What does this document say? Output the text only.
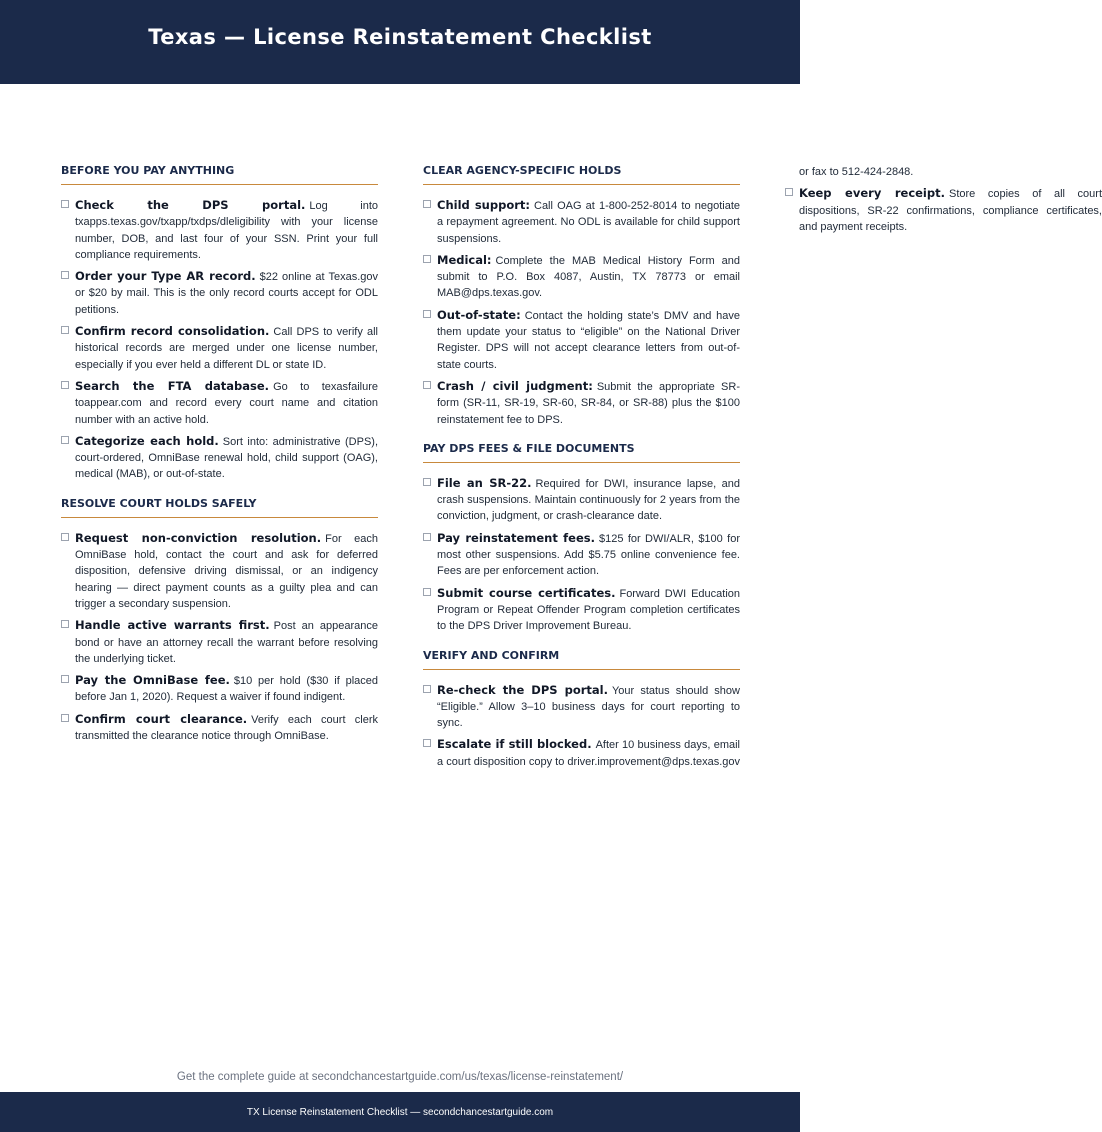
Texas — License Reinstatement Checklist
BEFORE YOU PAY ANYTHING
Check the DPS portal. Log into txapps.texas.gov/txapp/txdps/dleligibility with your license number, DOB, and last four of your SSN. Print your full compliance requirements.
Order your Type AR record. $22 online at Texas.gov or $20 by mail. This is the only record courts accept for ODL petitions.
Confirm record consolidation. Call DPS to verify all historical records are merged under one license number, especially if you ever held a different DL or state ID.
Search the FTA database. Go to texasfailure toappear.com and record every court name and citation number with an active hold.
Categorize each hold. Sort into: administrative (DPS), court-ordered, OmniBase renewal hold, child support (OAG), medical (MAB), or out-of-state.
RESOLVE COURT HOLDS SAFELY
Request non-conviction resolution. For each OmniBase hold, contact the court and ask for deferred disposition, defensive driving dismissal, or an indigency hearing — direct payment counts as a guilty plea and can trigger a secondary suspension.
Handle active warrants first. Post an appearance bond or have an attorney recall the warrant before resolving the underlying ticket.
Pay the OmniBase fee. $10 per hold ($30 if placed before Jan 1, 2020). Request a waiver if found indigent.
Confirm court clearance. Verify each court clerk transmitted the clearance notice through OmniBase.
CLEAR AGENCY-SPECIFIC HOLDS
Child support: Call OAG at 1-800-252-8014 to negotiate a repayment agreement. No ODL is available for child support suspensions.
Medical: Complete the MAB Medical History Form and submit to P.O. Box 4087, Austin, TX 78773 or email MAB@dps.texas.gov.
Out-of-state: Contact the holding state’s DMV and have them update your status to “eligible” on the National Driver Register. DPS will not accept clearance letters from out-of-state courts.
Crash / civil judgment: Submit the appropriate SR-form (SR-11, SR-19, SR-60, SR-84, or SR-88) plus the $100 reinstatement fee to DPS.
PAY DPS FEES & FILE DOCUMENTS
File an SR-22. Required for DWI, insurance lapse, and crash suspensions. Maintain continuously for 2 years from the conviction, judgment, or crash-clearance date.
Pay reinstatement fees. $125 for DWI/ALR, $100 for most other suspensions. Add $5.75 online convenience fee. Fees are per enforcement action.
Submit course certificates. Forward DWI Education Program or Repeat Offender Program completion certificates to the DPS Driver Improvement Bureau.
VERIFY AND CONFIRM
Re-check the DPS portal. Your status should show “Eligible.” Allow 3–10 business days for court reporting to sync.
Escalate if still blocked. After 10 business days, email a court disposition copy to driver.improvement@dps.texas.gov or fax to 512-424-2848.
Keep every receipt. Store copies of all court dispositions, SR-22 confirmations, compliance certificates, and payment receipts.
Get the complete guide at secondchancestartguide.com/us/texas/license-reinstatement/
TX License Reinstatement Checklist — secondchancestartguide.com
